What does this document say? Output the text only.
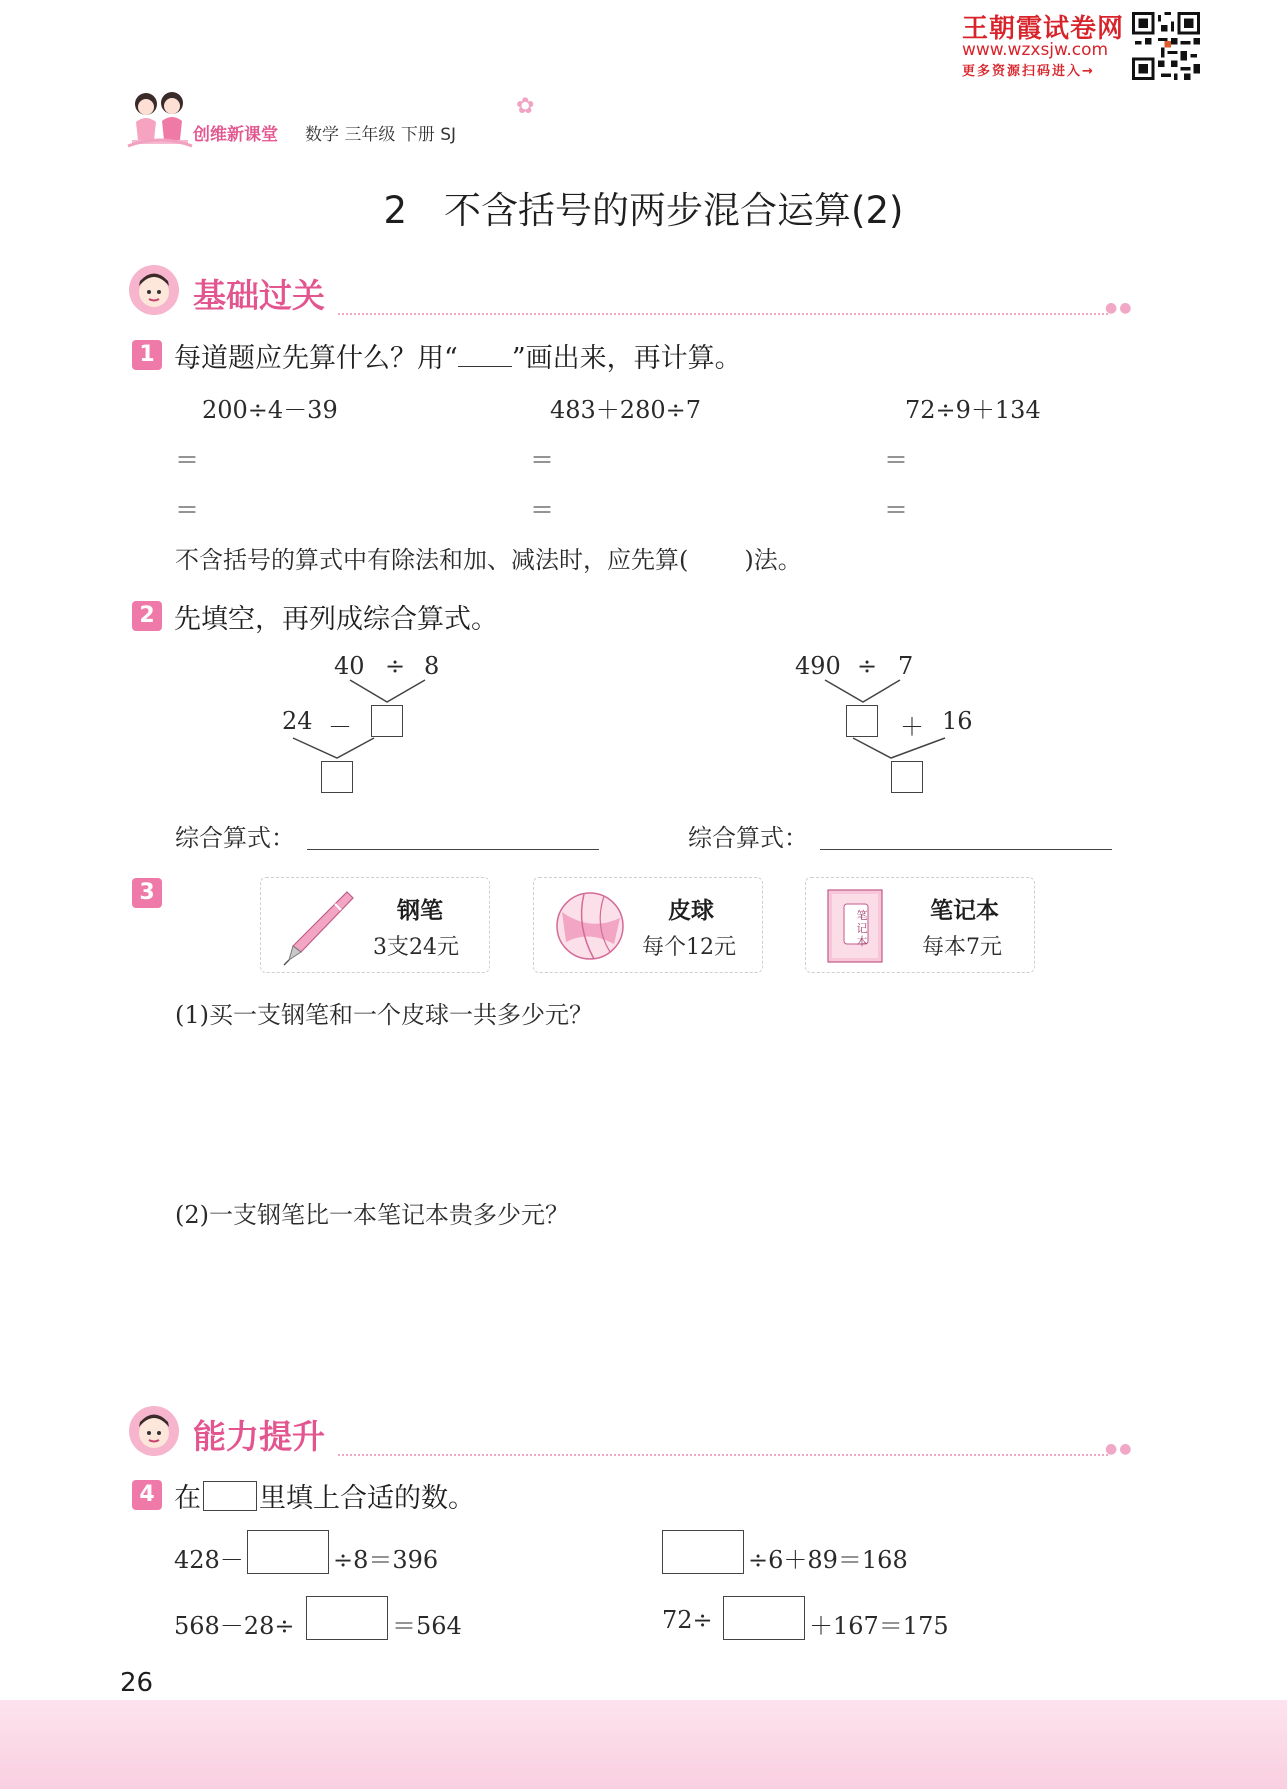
王朝霞试卷网
www.wzxsjw.com
更多资源扫码进入→
创维新课堂 数学 三年级 下册 SJ
✿
2　不含括号的两步混合运算(2)
基础过关	●●
1 每道题应先算什么？用“ ”画出来，再计算。
200÷4－39	483＋280÷7	72÷9＋134
＝	＝	＝
＝	＝	＝
不含括号的算式中有除法和加、减法时，应先算( )法。
2 先填空，再列成综合算式。
40 ÷ 8
24 －
490 ÷ 7
＋ 16
综合算式：	综合算式：
3
钢笔
3支24元
皮球
每个12元
笔记本
笔记本
每本7元
(1)买一支钢笔和一个皮球一共多少元？
(2)一支钢笔比一本笔记本贵多少元？
能力提升	●●
4 在 里填上合适的数。
428－	÷8＝396	÷6＋89＝168
568－28÷	＝564	72÷	＋167＝175
26
